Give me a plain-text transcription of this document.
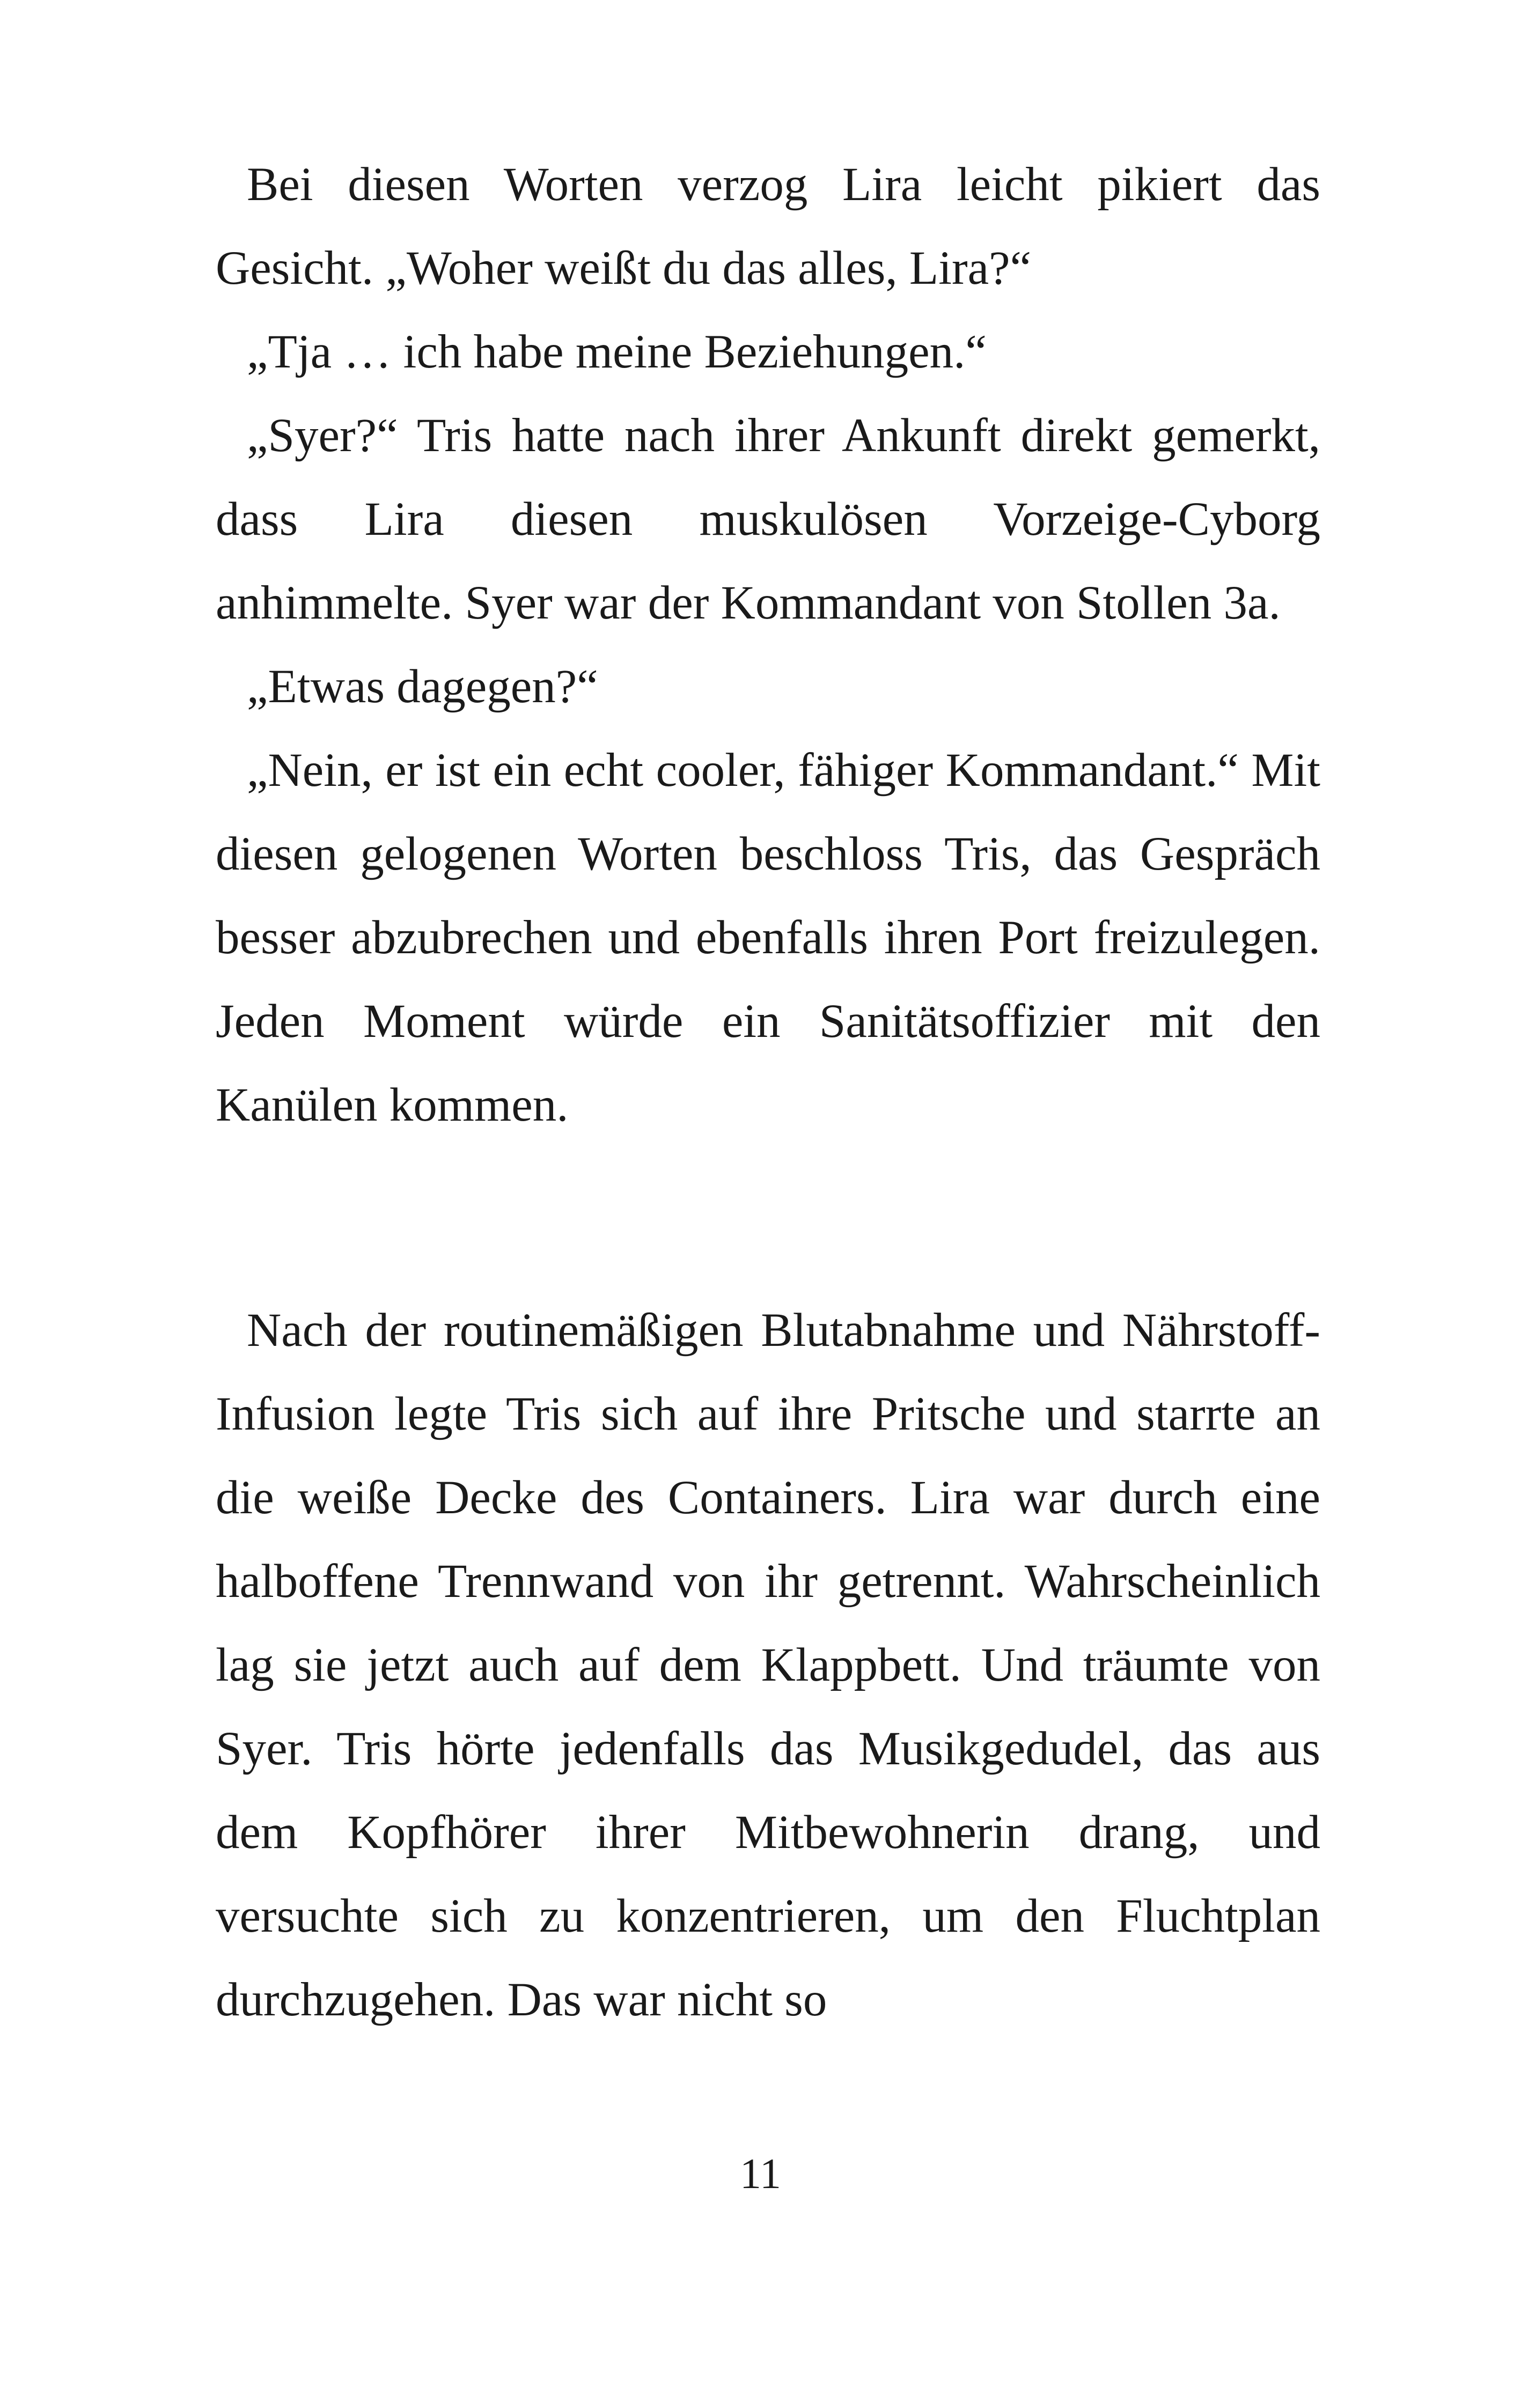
Bei diesen Worten verzog Lira leicht pikiert das Gesicht. „Woher weißt du das alles, Lira?“

„Tja … ich habe meine Beziehungen.“

„Syer?“ Tris hatte nach ihrer Ankunft direkt gemerkt, dass Lira diesen muskulösen Vorzeige-Cyborg anhimmelte. Syer war der Kommandant von Stollen 3a.

„Etwas dagegen?“

„Nein, er ist ein echt cooler, fähiger Kommandant.“ Mit diesen gelogenen Worten beschloss Tris, das Gespräch besser abzubrechen und ebenfalls ihren Port freizulegen. Jeden Moment würde ein Sanitätsoffizier mit den Kanülen kommen.

Nach der routinemäßigen Blutabnahme und Nährstoff-Infusion legte Tris sich auf ihre Pritsche und starrte an die weiße Decke des Containers. Lira war durch eine halboffene Trennwand von ihr getrennt. Wahrscheinlich lag sie jetzt auch auf dem Klappbett. Und träumte von Syer. Tris hörte jedenfalls das Musikgedudel, das aus dem Kopfhörer ihrer Mitbewohnerin drang, und versuchte sich zu konzentrieren, um den Fluchtplan durchzugehen. Das war nicht so

11
